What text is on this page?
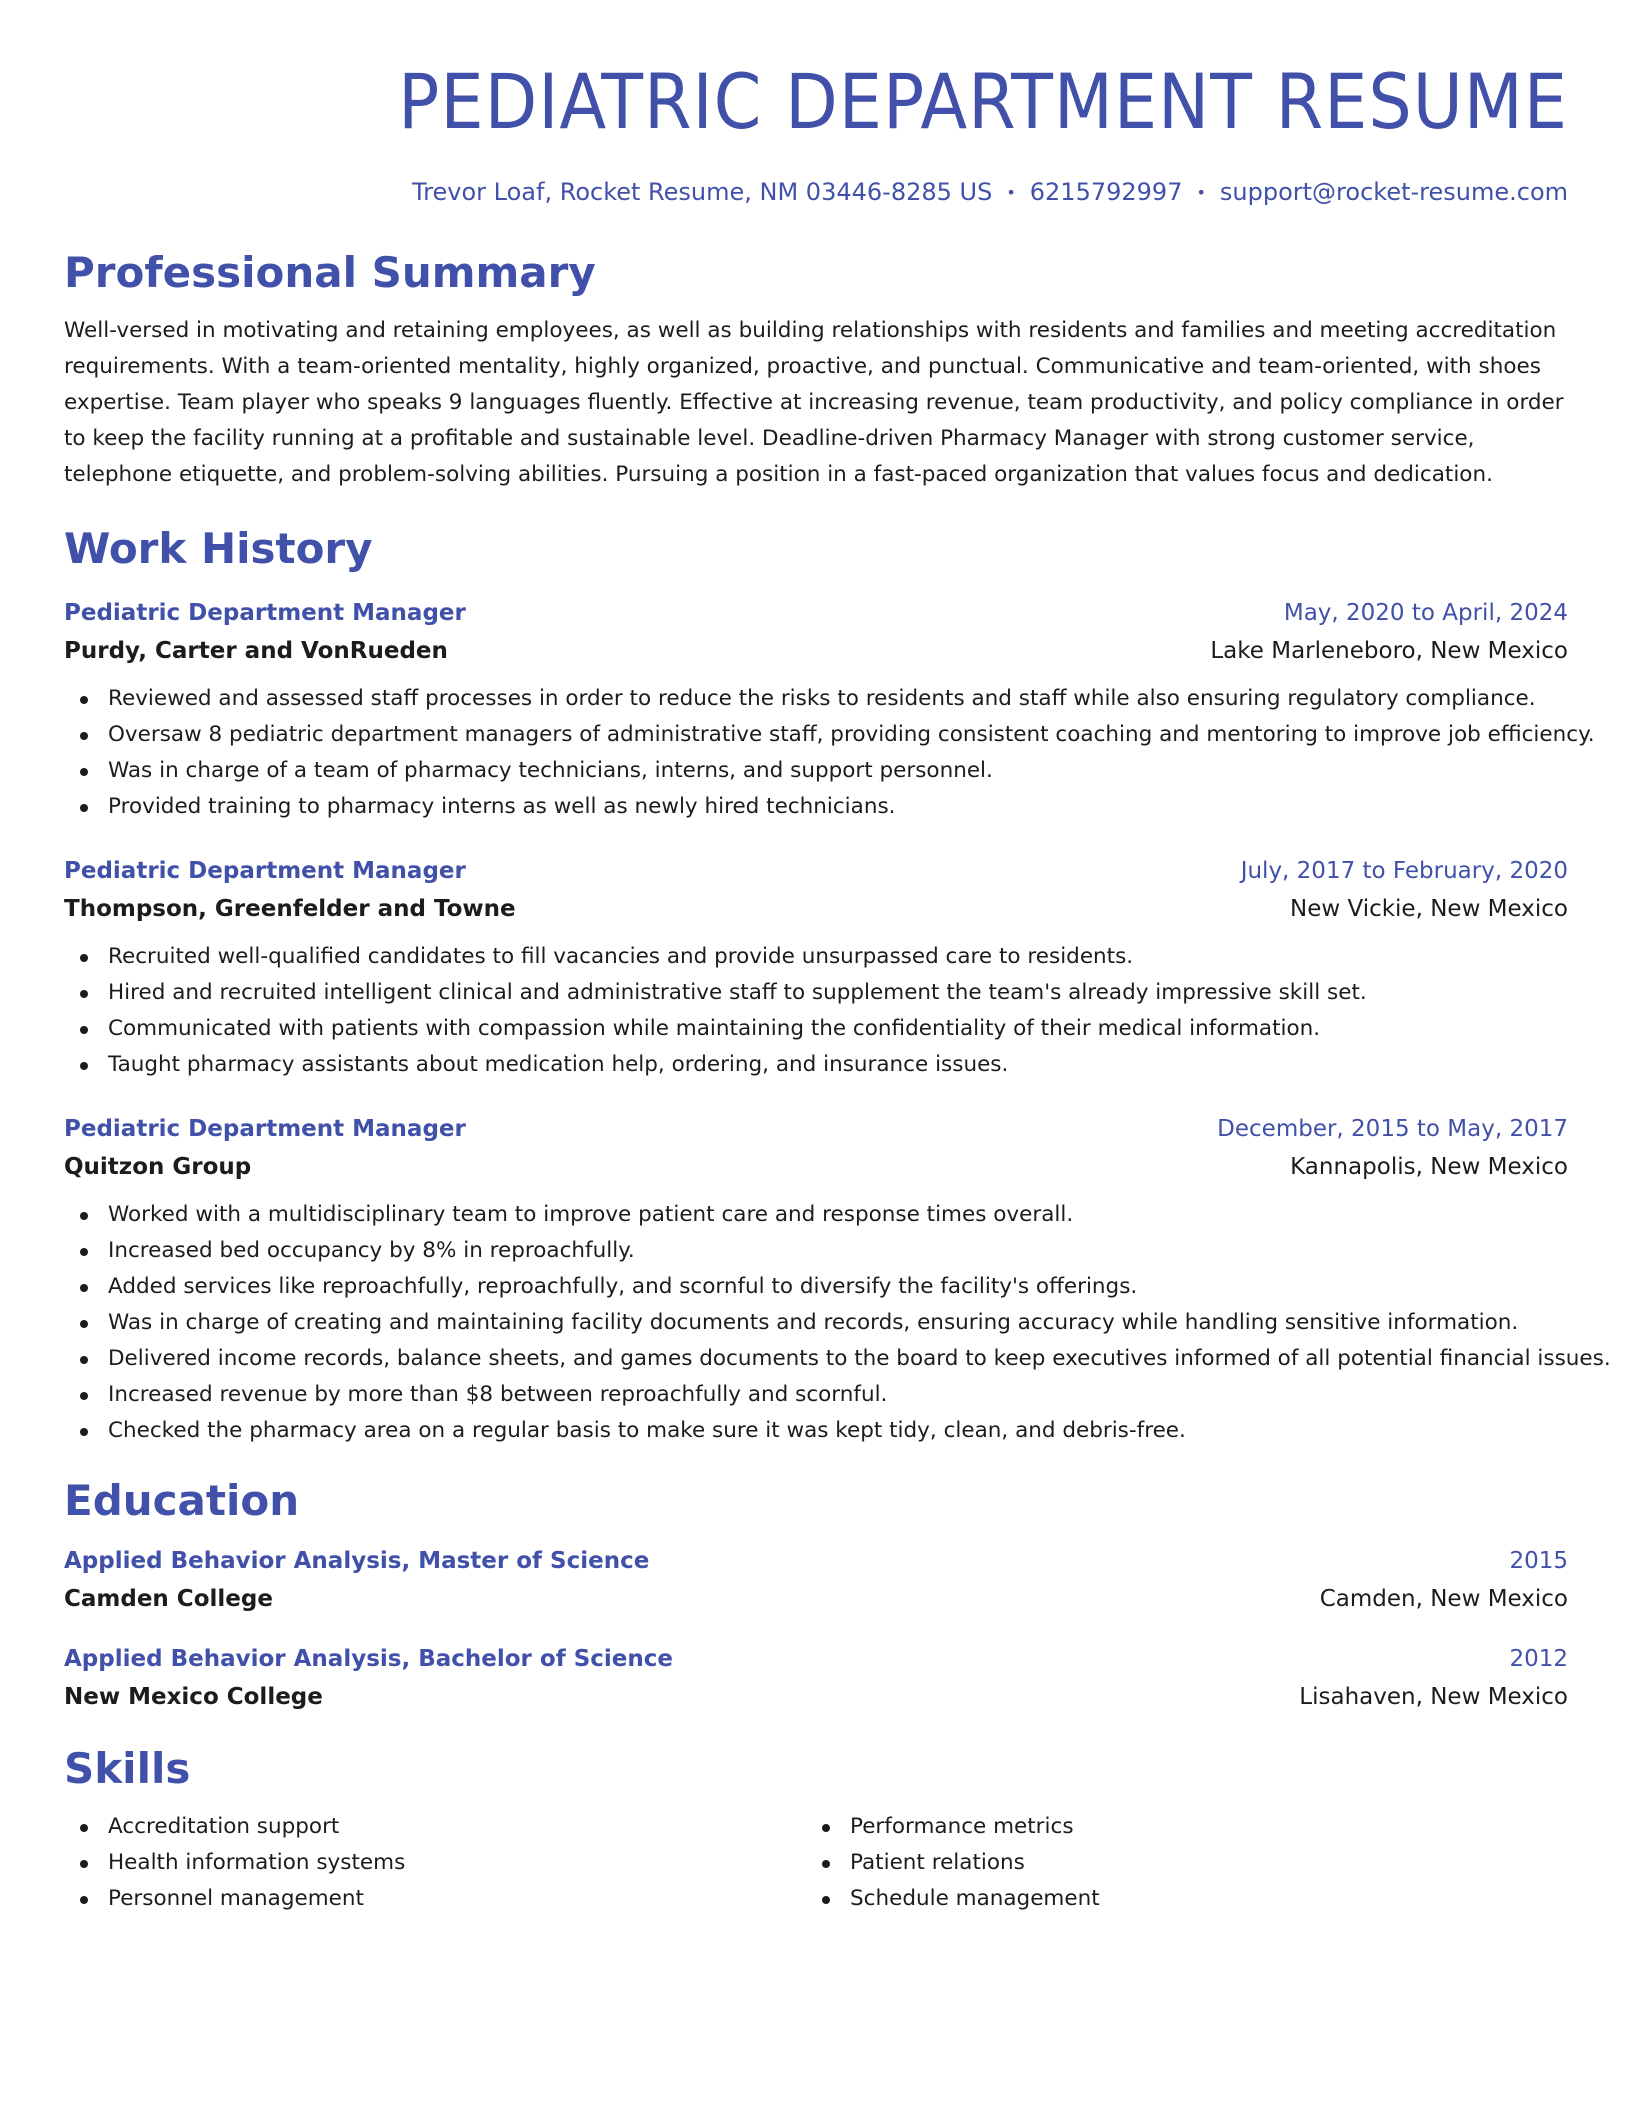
PEDIATRIC DEPARTMENT RESUME
Trevor Loaf, Rocket Resume, NM 03446-8285 US • 6215792997 • support@rocket-resume.com
Professional Summary
Well-versed in motivating and retaining employees, as well as building relationships with residents and families and meeting accreditation requirements. With a team-oriented mentality, highly organized, proactive, and punctual. Communicative and team-oriented, with shoes expertise. Team player who speaks 9 languages fluently. Effective at increasing revenue, team productivity, and policy compliance in order to keep the facility running at a profitable and sustainable level. Deadline-driven Pharmacy Manager with strong customer service, telephone etiquette, and problem-solving abilities. Pursuing a position in a fast-paced organization that values focus and dedication.
Work History
Pediatric Department Manager	May, 2020 to April, 2024
Purdy, Carter and VonRueden	Lake Marleneboro, New Mexico
Reviewed and assessed staff processes in order to reduce the risks to residents and staff while also ensuring regulatory compliance.
Oversaw 8 pediatric department managers of administrative staff, providing consistent coaching and mentoring to improve job efficiency.
Was in charge of a team of pharmacy technicians, interns, and support personnel.
Provided training to pharmacy interns as well as newly hired technicians.
Pediatric Department Manager	July, 2017 to February, 2020
Thompson, Greenfelder and Towne	New Vickie, New Mexico
Recruited well-qualified candidates to fill vacancies and provide unsurpassed care to residents.
Hired and recruited intelligent clinical and administrative staff to supplement the team's already impressive skill set.
Communicated with patients with compassion while maintaining the confidentiality of their medical information.
Taught pharmacy assistants about medication help, ordering, and insurance issues.
Pediatric Department Manager	December, 2015 to May, 2017
Quitzon Group	Kannapolis, New Mexico
Worked with a multidisciplinary team to improve patient care and response times overall.
Increased bed occupancy by 8% in reproachfully.
Added services like reproachfully, reproachfully, and scornful to diversify the facility's offerings.
Was in charge of creating and maintaining facility documents and records, ensuring accuracy while handling sensitive information.
Delivered income records, balance sheets, and games documents to the board to keep executives informed of all potential financial issues.
Increased revenue by more than $8 between reproachfully and scornful.
Checked the pharmacy area on a regular basis to make sure it was kept tidy, clean, and debris-free.
Education
Applied Behavior Analysis, Master of Science	2015
Camden College	Camden, New Mexico
Applied Behavior Analysis, Bachelor of Science	2012
New Mexico College	Lisahaven, New Mexico
Skills
Accreditation support
Health information systems
Personnel management
Performance metrics
Patient relations
Schedule management
